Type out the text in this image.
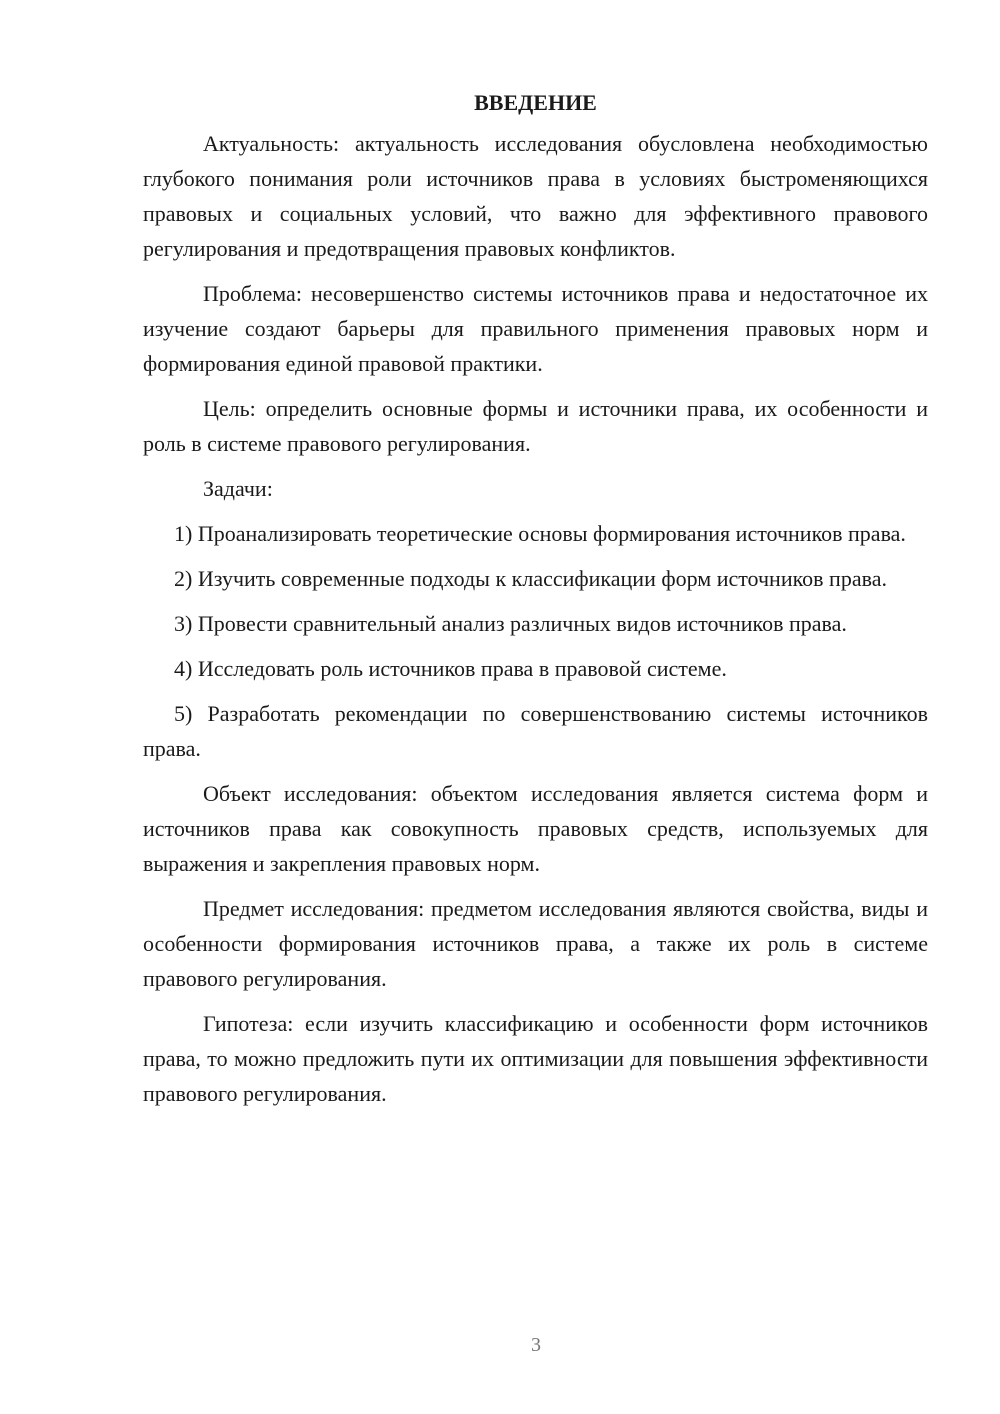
ВВЕДЕНИЕ

Актуальность: актуальность исследования обусловлена необходимостью глубокого понимания роли источников права в условиях быстроменяющихся правовых и социальных условий, что важно для эффективного правового регулирования и предотвращения правовых конфликтов.

Проблема: несовершенство системы источников права и недостаточное их изучение создают барьеры для правильного применения правовых норм и формирования единой правовой практики.

Цель: определить основные формы и источники права, их особенности и роль в системе правового регулирования.

Задачи:

1) Проанализировать теоретические основы формирования источников права.

2) Изучить современные подходы к классификации форм источников права.

3) Провести сравнительный анализ различных видов источников права.

4) Исследовать роль источников права в правовой системе.

5) Разработать рекомендации по совершенствованию системы источников права.

Объект исследования: объектом исследования является система форм и источников права как совокупность правовых средств, используемых для выражения и закрепления правовых норм.

Предмет исследования: предметом исследования являются свойства, виды и особенности формирования источников права, а также их роль в системе правового регулирования.

Гипотеза: если изучить классификацию и особенности форм источников права, то можно предложить пути их оптимизации для повышения эффективности правового регулирования.

3
